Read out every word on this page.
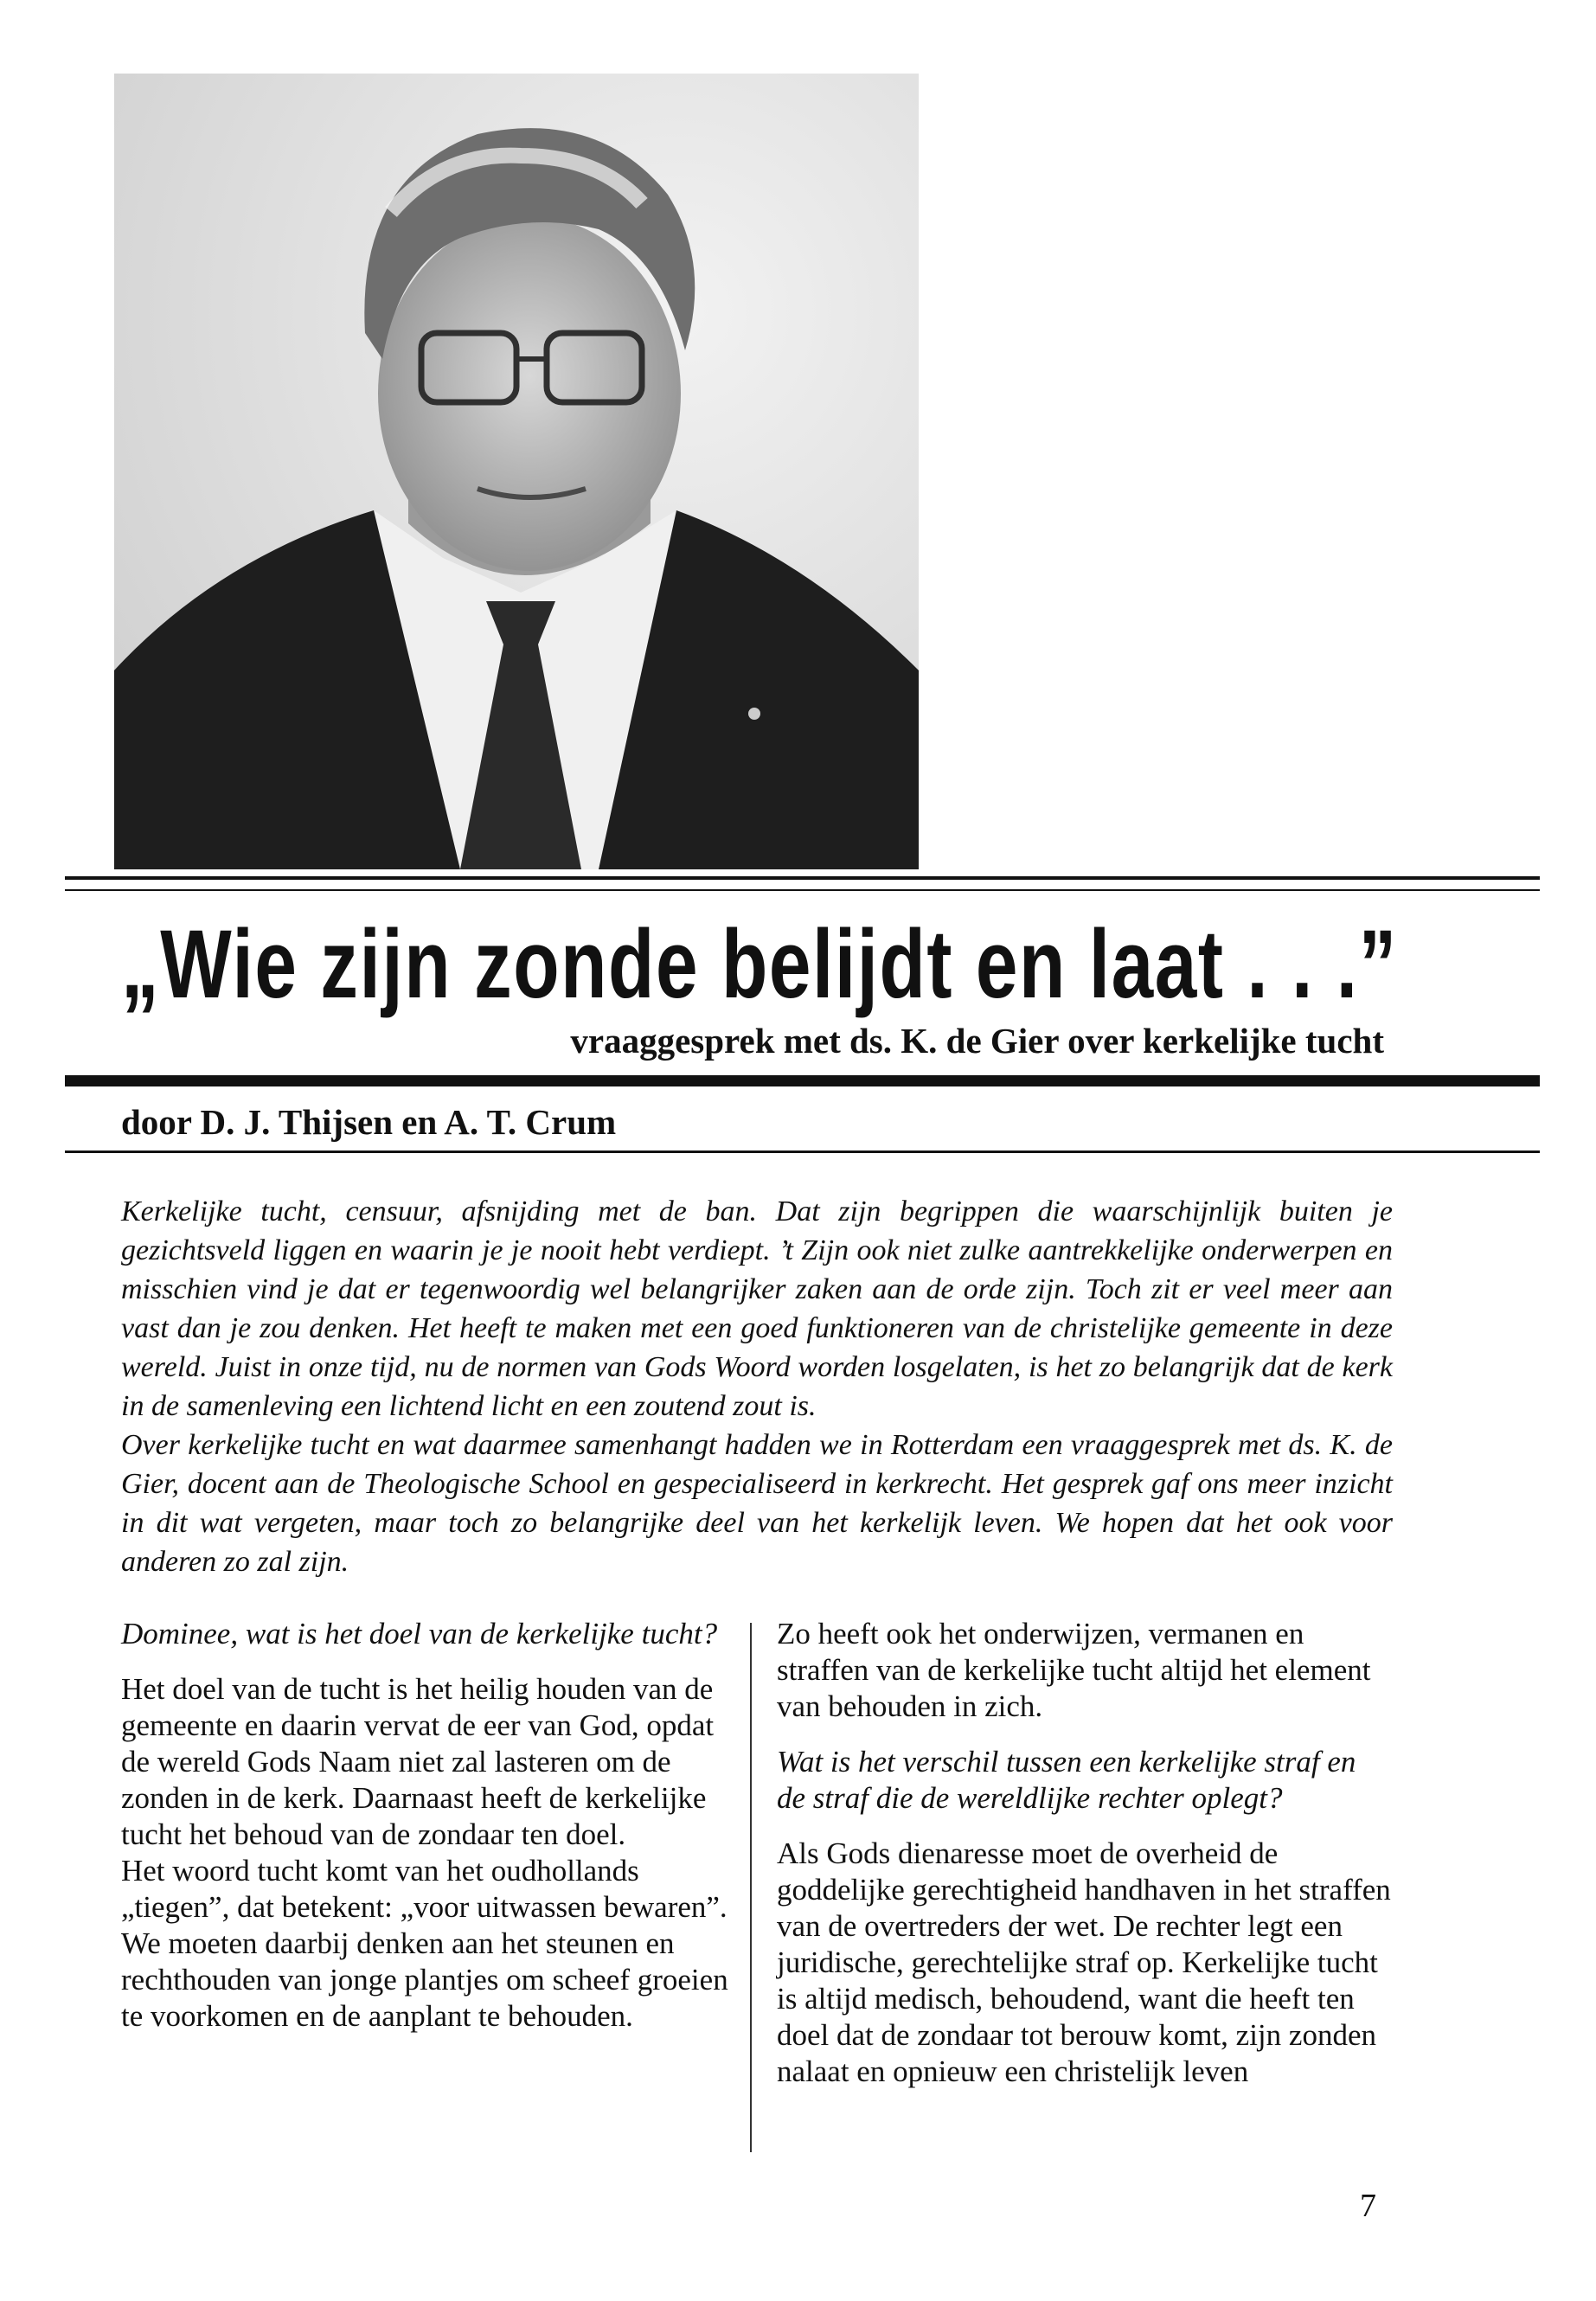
„Wie zijn zonde belijdt en laat . . .”
vraaggesprek met ds. K. de Gier over kerkelijke tucht
door D. J. Thijsen en A. T. Crum

Kerkelijke tucht, censuur, afsnijding met de ban. Dat zijn begrippen die waarschijnlijk buiten je gezichtsveld liggen en waarin je je nooit hebt verdiept. ’t Zijn ook niet zulke aantrekkelijke onderwerpen en misschien vind je dat er tegenwoordig wel belangrijker zaken aan de orde zijn. Toch zit er veel meer aan vast dan je zou denken. Het heeft te maken met een goed funktioneren van de christelijke gemeente in deze wereld. Juist in onze tijd, nu de normen van Gods Woord worden losgelaten, is het zo belangrijk dat de kerk in de samenleving een lichtend licht en een zoutend zout is.

Over kerkelijke tucht en wat daarmee samenhangt hadden we in Rotterdam een vraaggesprek met ds. K. de Gier, docent aan de Theologische School en gespecialiseerd in kerkrecht. Het gesprek gaf ons meer inzicht in dit wat vergeten, maar toch zo belangrijke deel van het kerkelijk leven. We hopen dat het ook voor anderen zo zal zijn.

Dominee, wat is het doel van de kerkelijke tucht?

Het doel van de tucht is het heilig houden van de gemeente en daarin vervat de eer van God, opdat de wereld Gods Naam niet zal lasteren om de zonden in de kerk. Daarnaast heeft de kerkelijke tucht het behoud van de zondaar ten doel.

Het woord tucht komt van het oudhollands „tiegen”, dat betekent: „voor uitwassen bewaren”. We moeten daarbij denken aan het steunen en rechthouden van jonge plantjes om scheef groeien te voorkomen en de aanplant te behouden.

Zo heeft ook het onderwijzen, vermanen en straffen van de kerkelijke tucht altijd het element van behouden in zich.

Wat is het verschil tussen een kerkelijke straf en de straf die de wereldlijke rechter oplegt?

Als Gods dienaresse moet de overheid de goddelijke gerechtigheid handhaven in het straffen van de overtreders der wet. De rechter legt een juridische, gerechtelijke straf op. Kerkelijke tucht is altijd medisch, behoudend, want die heeft ten doel dat de zondaar tot berouw komt, zijn zonden nalaat en opnieuw een christelijk leven

7
